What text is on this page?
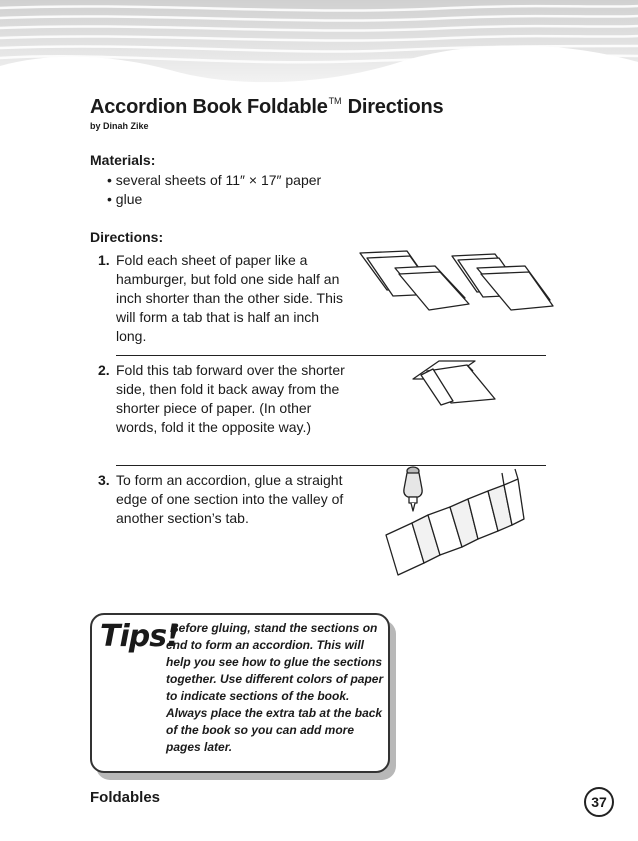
Accordion Book Foldable™ Directions
by Dinah Zike
Materials:
• several sheets of 11″ × 17″ paper
• glue
Directions:
1. Fold each sheet of paper like a hamburger, but fold one side half an inch shorter than the other side. This will form a tab that is half an inch long.
2. Fold this tab forward over the shorter side, then fold it back away from the shorter piece of paper. (In other words, fold it the opposite way.)
3. To form an accordion, glue a straight edge of one section into the valley of another section’s tab.
Tips!
Before gluing, stand the sections on end to form an accordion. This will help you see how to glue the sections together. Use different colors of paper to indicate sections of the book. Always place the extra tab at the back of the book so you can add more pages later.
Foldables	37
